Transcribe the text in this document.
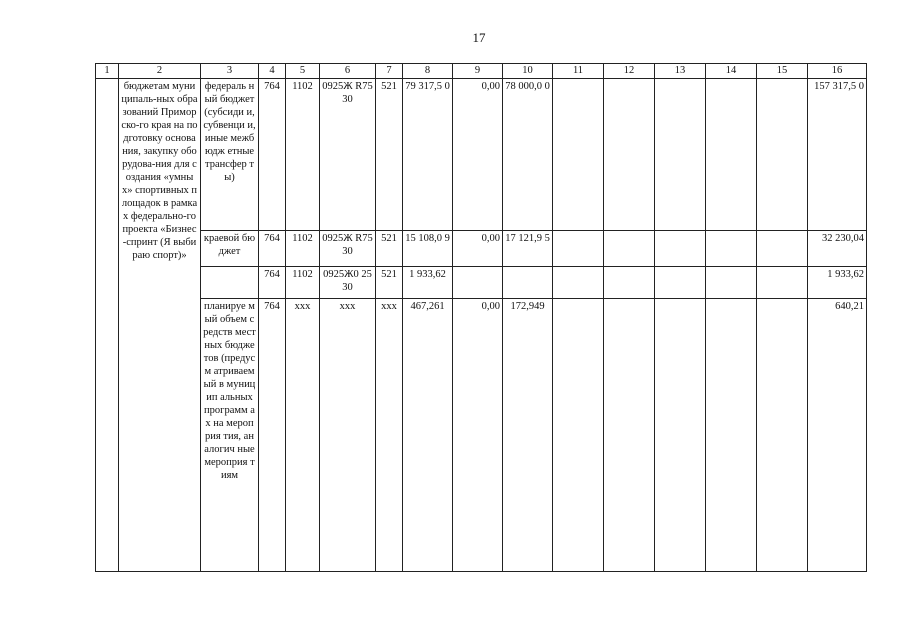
17
1	2	3	4	5	6	7	8	9	10	11	12	13	14	15	16
	бюджетам муниципаль-ных образований Приморско-го края на подготовку основания, закупку оборудова-ния для создания «умных» спортивных площадок в рамках федерально-го проекта «Бизнес-спринт (Я выбираю спорт)»	федераль ный бюджет (субсиди и, субвенци и, иные межбюдж етные трансфер ты)	764	1102	0925Ж R7530	521	79 317,5 0	0,00	78 000,0 0						157 317,5 0
		краевой бюджет	764	1102	0925Ж R7530	521	15 108,0 9	0,00	17 121,9 5						32 230,04
			764	1102	0925Ж0 2530	521	1 933,62								1 933,62
		планируе мый объем средств местных бюджетов (предусм атриваем ый в муницип альных программ ах на мероприя тия, аналогич ные мероприя тиям	764	ххх	ххх	ххх	467,261	0,00	172,949						640,21
